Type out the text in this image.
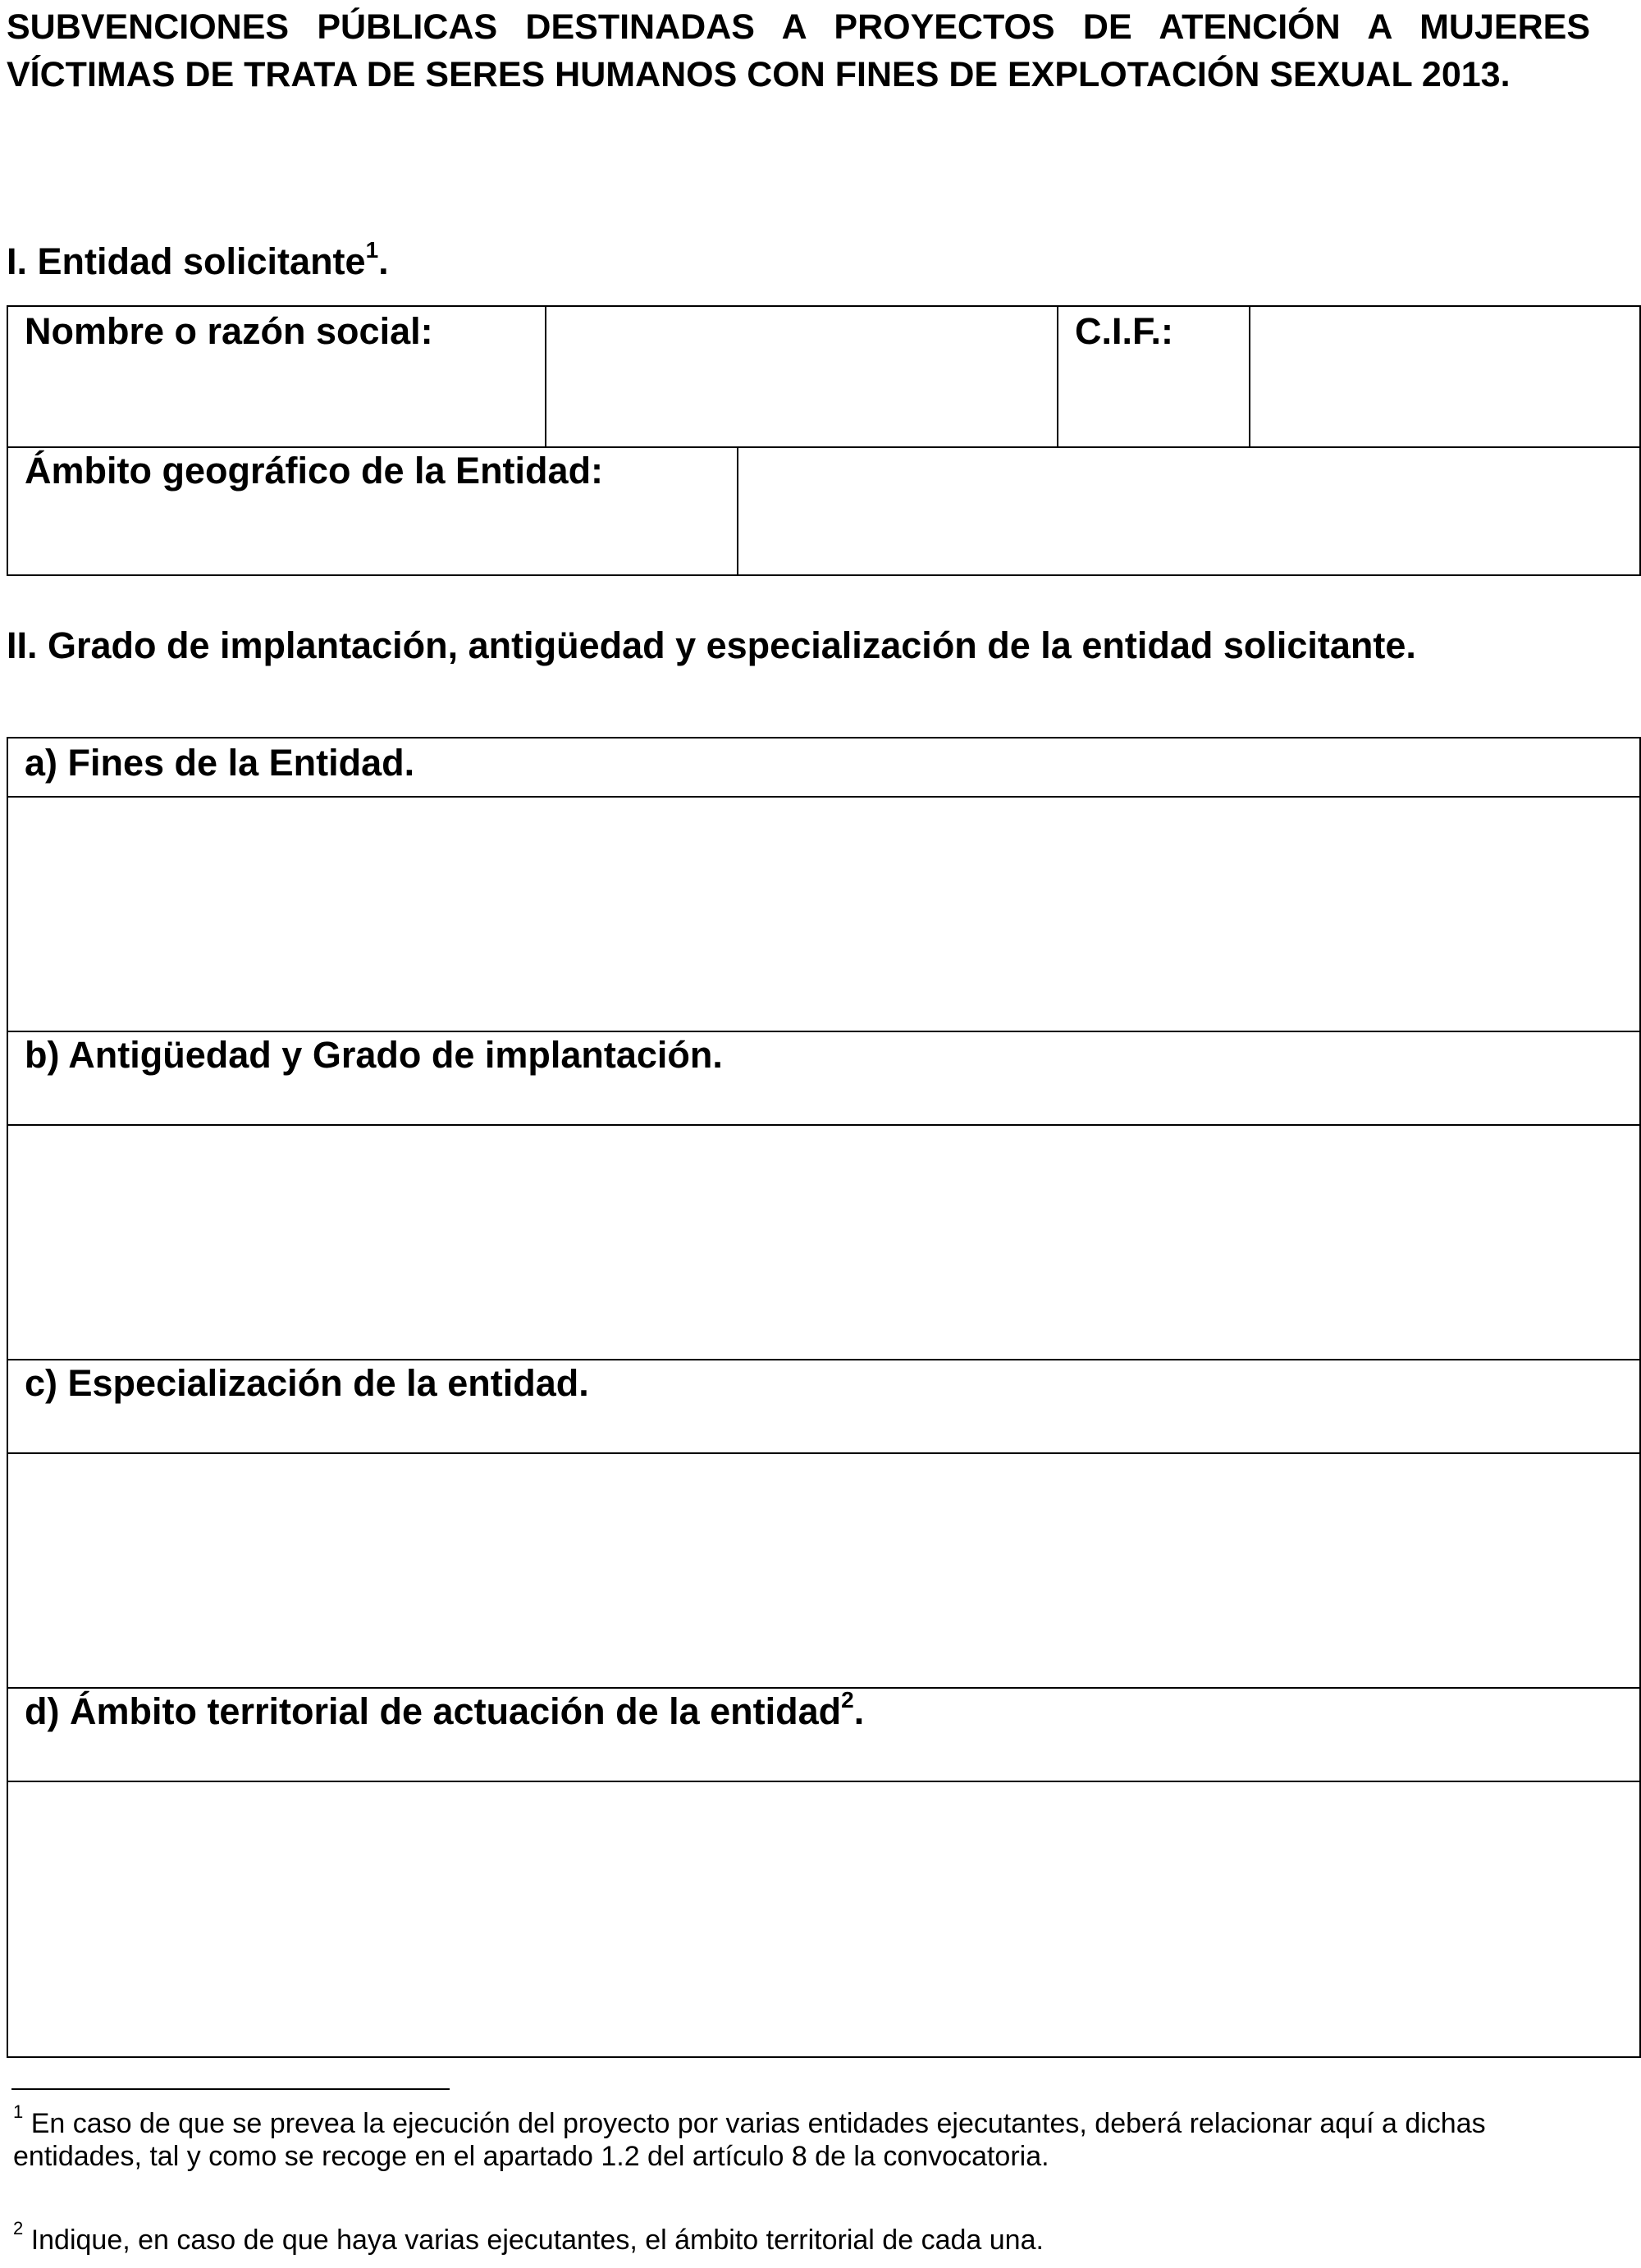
SUBVENCIONES PÚBLICAS DESTINADAS A PROYECTOS DE ATENCIÓN A MUJERES VÍCTIMAS DE TRATA DE SERES HUMANOS CON FINES DE EXPLOTACIÓN SEXUAL 2013.

I. Entidad solicitante$^1$.

Nombre o razón social:	C.I.F.:
Ámbito geográfico de la Entidad:

II. Grado de implantación, antigüedad y especialización de la entidad solicitante.

a) Fines de la Entidad.
b) Antigüedad y Grado de implantación.
c) Especialización de la entidad.
d) Ámbito territorial de actuación de la entidad$^2$.

$^1$ En caso de que se prevea la ejecución del proyecto por varias entidades ejecutantes, deberá relacionar aquí a dichas entidades, tal y como se recoge en el apartado 1.2 del artículo 8 de la convocatoria.

$^2$ Indique, en caso de que haya varias ejecutantes, el ámbito territorial de cada una.
